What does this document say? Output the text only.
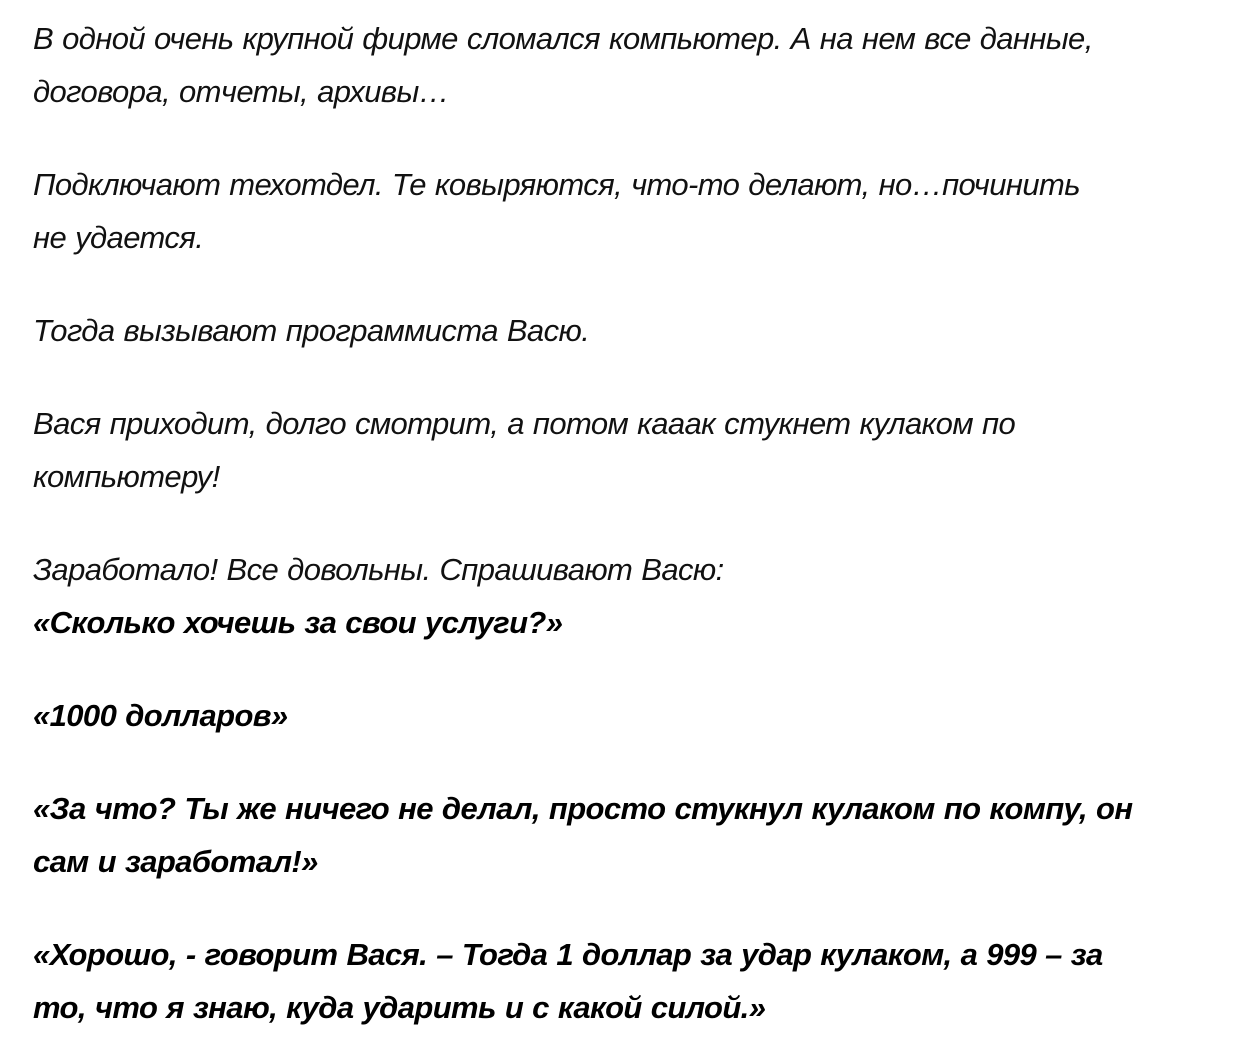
В одной очень крупной фирме сломался компьютер. А на нем все данные,
договора, отчеты, архивы…

Подключают техотдел. Те ковыряются, что-то делают, но…починить
не удается.

Тогда вызывают программиста Васю.

Вася приходит, долго смотрит, а потом кааак стукнет кулаком по
компьютеру!

Заработало! Все довольны. Спрашивают Васю:
«Сколько хочешь за свои услуги?»

«1000 долларов»

«За что? Ты же ничего не делал, просто стукнул кулаком по компу, он
сам и заработал!»

«Хорошо, - говорит Вася. – Тогда 1 доллар за удар кулаком, а 999 – за
то, что я знаю, куда ударить и с какой силой.»
